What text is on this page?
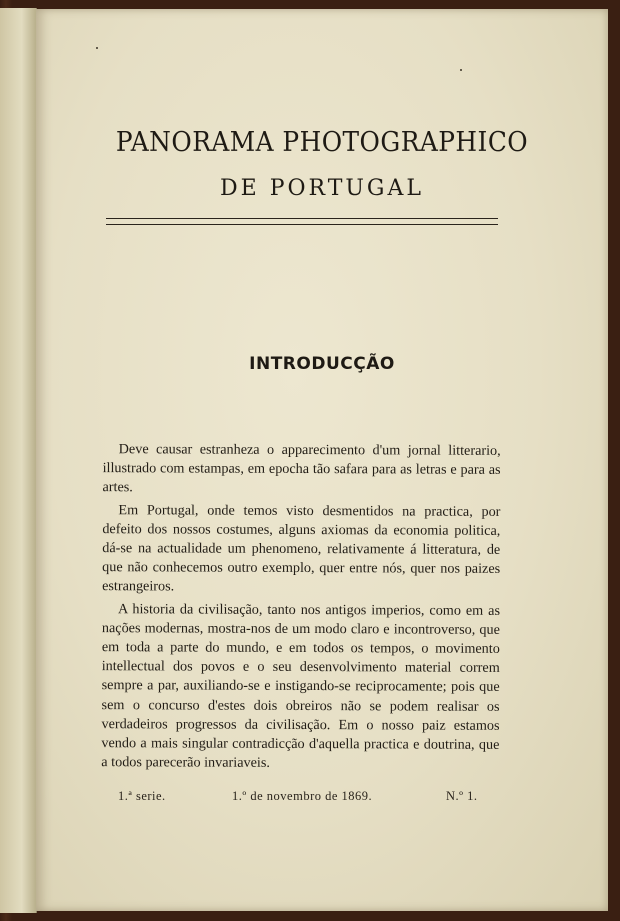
PANORAMA PHOTOGRAPHICO
DE PORTUGAL
INTRODUCÇÃO

Deve causar estranheza o apparecimento d'um jornal litterario, illustrado com estampas, em epocha tão safara para as letras e para as artes.

Em Portugal, onde temos visto desmentidos na practica, por defeito dos nossos costumes, alguns axiomas da economia politica, dá-se na actualidade um phenomeno, relativamente á litteratura, de que não conhecemos outro exemplo, quer entre nós, quer nos paizes estrangeiros.

A historia da civilisação, tanto nos antigos imperios, como em as nações modernas, mostra-nos de um modo claro e incontroverso, que em toda a parte do mundo, e em todos os tempos, o movimento intellectual dos povos e o seu desenvolvimento material correm sempre a par, auxiliando-se e instigando-se reciprocamente; pois que sem o concurso d'estes dois obreiros não se podem realisar os verdadeiros progressos da civilisação. Em o nosso paiz estamos vendo a mais singular contradicção d'aquella practica e doutrina, que a todos parecerão invariaveis.

1.ª serie.	1.º de novembro de 1869.	N.º 1.
